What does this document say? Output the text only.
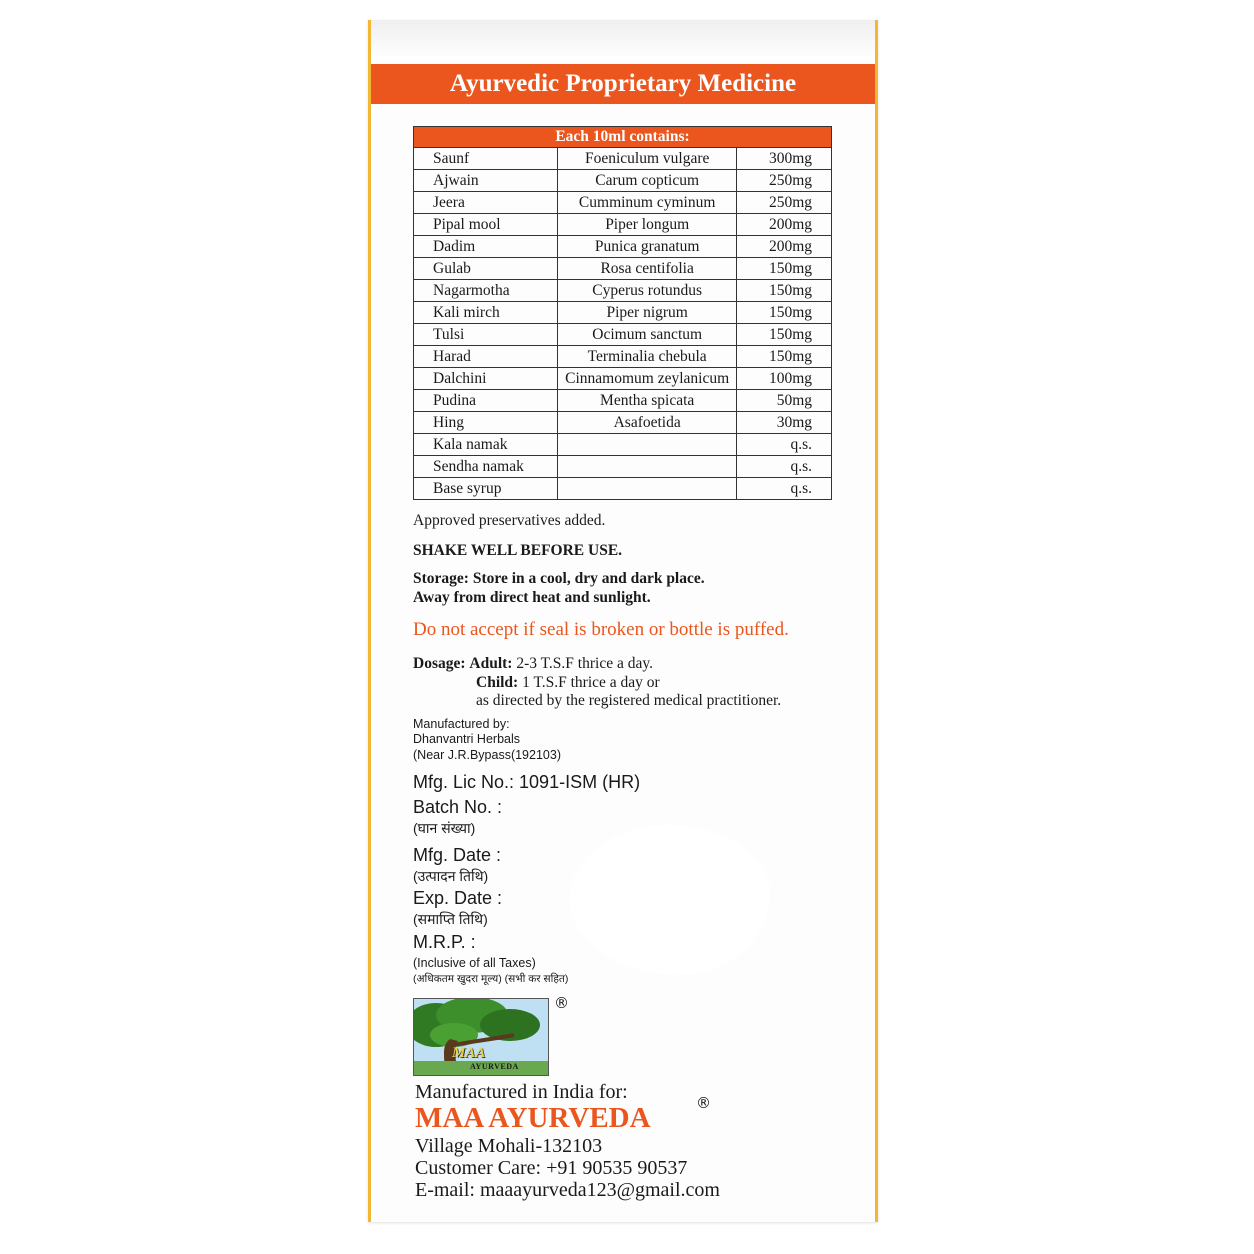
Ayurvedic Proprietary Medicine
Each 10ml contains:		
Saunf	Foeniculum vulgare	300mg
Ajwain	Carum copticum	250mg
Jeera	Cumminum cyminum	250mg
Pipal mool	Piper longum	200mg
Dadim	Punica granatum	200mg
Gulab	Rosa centifolia	150mg
Nagarmotha	Cyperus rotundus	150mg
Kali mirch	Piper nigrum	150mg
Tulsi	Ocimum sanctum	150mg
Harad	Terminalia chebula	150mg
Dalchini	Cinnamomum zeylanicum	100mg
Pudina	Mentha spicata	50mg
Hing	Asafoetida	30mg
Kala namak		q.s.
Sendha namak		q.s.
Base syrup		q.s.
Approved preservatives added.
SHAKE WELL BEFORE USE.
Storage: Store in a cool, dry and dark place.
Away from direct heat and sunlight.
Do not accept if seal is broken or bottle is puffed.
Dosage: Adult: 2-3 T.S.F thrice a day.
Child: 1 T.S.F thrice a day or
as directed by the registered medical practitioner.
Manufactured by:
Dhanvantri Herbals
(Near J.R.Bypass(192103)
Mfg. Lic No.: 1091-ISM (HR)
Batch No. :
(घान संख्या)
Mfg. Date :
(उत्पादन तिथि)
Exp. Date :
(समाप्ति तिथि)
M.R.P. :
(Inclusive of all Taxes)
(अधिकतम खुदरा मूल्य) (सभी कर सहित)
MAA
AYURVEDA
®
Manufactured in India for:
MAA AYURVEDA	®
Village Mohali-132103
Customer Care: +91 90535 90537
E-mail: maaayurveda123@gmail.com
